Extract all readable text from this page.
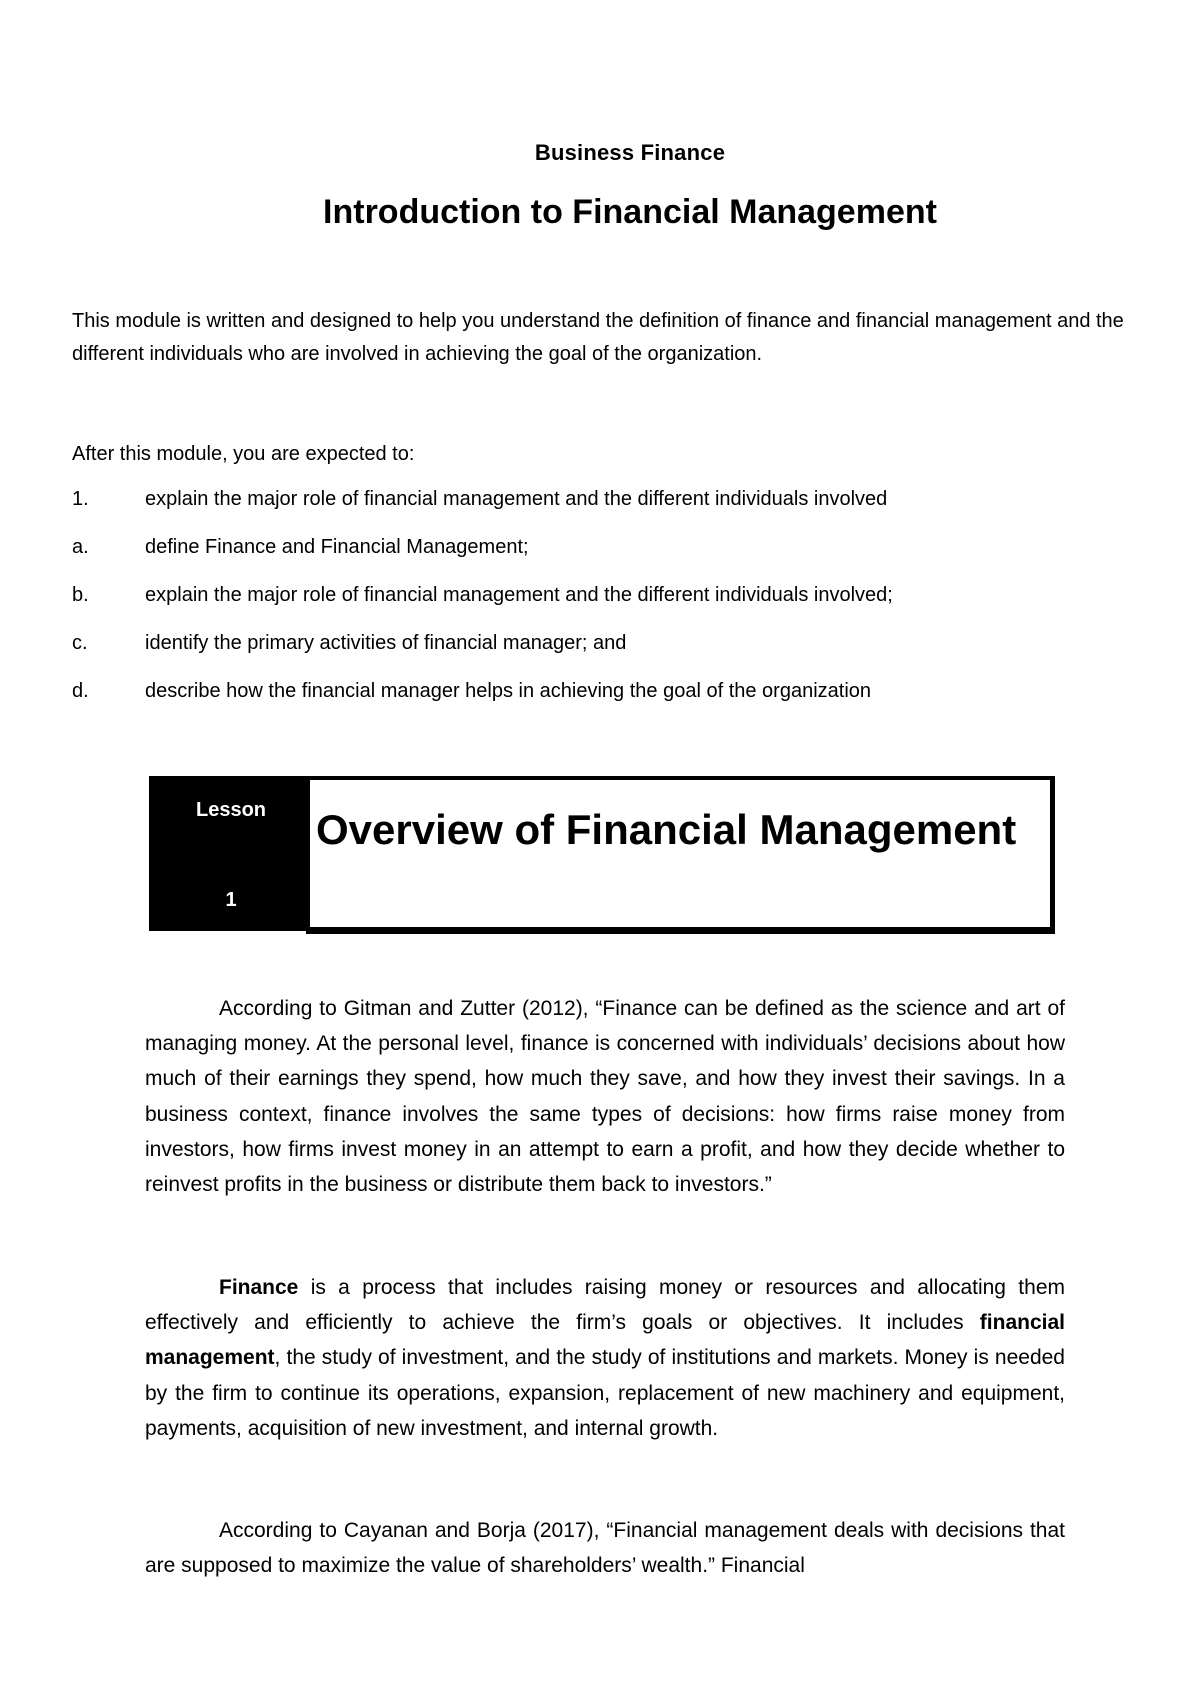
Business Finance
Introduction to Financial Management
This module is written and designed to help you understand the definition of finance and financial management and the different individuals who are involved in achieving the goal of the organization.
After this module, you are expected to:
1.	explain the major role of financial management and the different individuals involved
a.	define Finance and Financial Management;
b.	explain the major role of financial management and the different individuals involved;
c.	identify the primary activities of financial manager; and
d.	describe how the financial manager helps in achieving the goal of the organization
Lesson
1
Overview of Financial Management
According to Gitman and Zutter (2012), “Finance can be defined as the science and art of managing money. At the personal level, finance is concerned with individuals’ decisions about how much of their earnings they spend, how much they save, and how they invest their savings. In a business context, finance involves the same types of decisions: how firms raise money from investors, how firms invest money in an attempt to earn a profit, and how they decide whether to reinvest profits in the business or distribute them back to investors.”
Finance is a process that includes raising money or resources and allocating them effectively and efficiently to achieve the firm’s goals or objectives. It includes financial management, the study of investment, and the study of institutions and markets. Money is needed by the firm to continue its operations, expansion, replacement of new machinery and equipment, payments, acquisition of new investment, and internal growth.
According to Cayanan and Borja (2017), “Financial management deals with decisions that are supposed to maximize the value of shareholders’ wealth.” Financial
